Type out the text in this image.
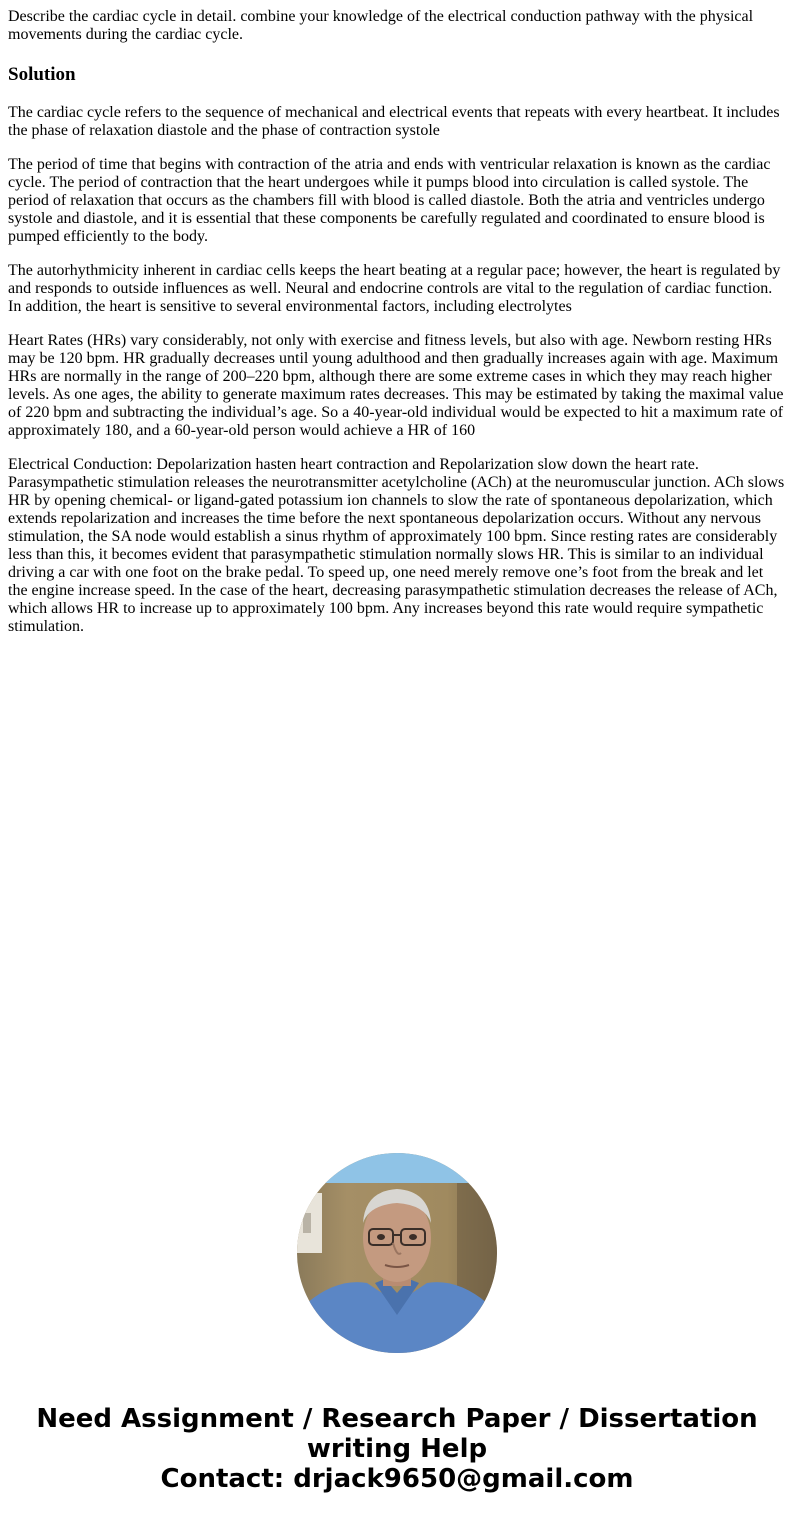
Describe the cardiac cycle in detail. combine your knowledge of the electrical conduction pathway with the physical movements during the cardiac cycle.

Solution

The cardiac cycle refers to the sequence of mechanical and electrical events that repeats with every heartbeat. It includes the phase of relaxation diastole and the phase of contraction systole

The period of time that begins with contraction of the atria and ends with ventricular relaxation is known as the cardiac cycle. The period of contraction that the heart undergoes while it pumps blood into circulation is called systole. The period of relaxation that occurs as the chambers fill with blood is called diastole. Both the atria and ventricles undergo systole and diastole, and it is essential that these components be carefully regulated and coordinated to ensure blood is pumped efficiently to the body.

The autorhythmicity inherent in cardiac cells keeps the heart beating at a regular pace; however, the heart is regulated by and responds to outside influences as well. Neural and endocrine controls are vital to the regulation of cardiac function. In addition, the heart is sensitive to several environmental factors, including electrolytes

Heart Rates (HRs) vary considerably, not only with exercise and fitness levels, but also with age. Newborn resting HRs may be 120 bpm. HR gradually decreases until young adulthood and then gradually increases again with age. Maximum HRs are normally in the range of 200–220 bpm, although there are some extreme cases in which they may reach higher levels. As one ages, the ability to generate maximum rates decreases. This may be estimated by taking the maximal value of 220 bpm and subtracting the individual’s age. So a 40-year-old individual would be expected to hit a maximum rate of approximately 180, and a 60-year-old person would achieve a HR of 160

Electrical Conduction: Depolarization hasten heart contraction and Repolarization slow down the heart rate. Parasympathetic stimulation releases the neurotransmitter acetylcholine (ACh) at the neuromuscular junction. ACh slows HR by opening chemical- or ligand-gated potassium ion channels to slow the rate of spontaneous depolarization, which extends repolarization and increases the time before the next spontaneous depolarization occurs. Without any nervous stimulation, the SA node would establish a sinus rhythm of approximately 100 bpm. Since resting rates are considerably less than this, it becomes evident that parasympathetic stimulation normally slows HR. This is similar to an individual driving a car with one foot on the brake pedal. To speed up, one need merely remove one’s foot from the break and let the engine increase speed. In the case of the heart, decreasing parasympathetic stimulation decreases the release of ACh, which allows HR to increase up to approximately 100 bpm. Any increases beyond this rate would require sympathetic stimulation.

Need Assignment / Research Paper / Dissertation
writing Help
Contact: drjack9650@gmail.com
